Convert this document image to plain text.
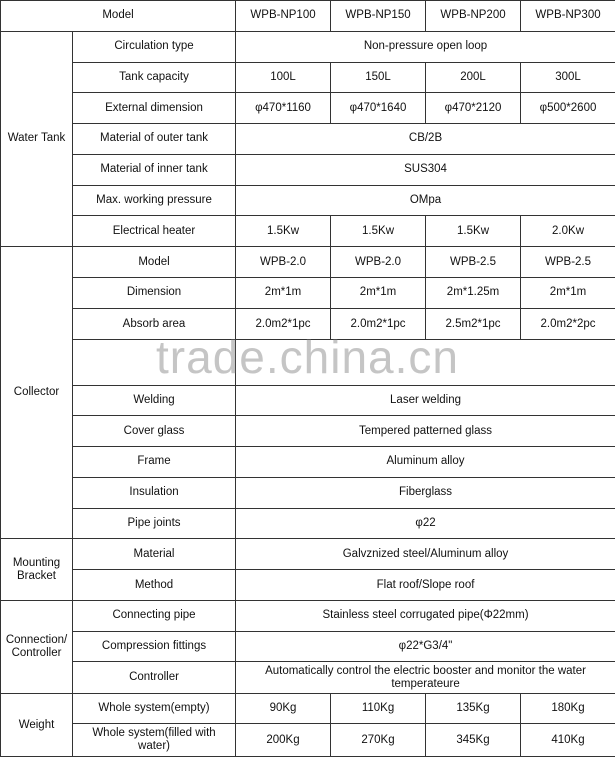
Model		WPB-NP100	WPB-NP150	WPB-NP200	WPB-NP300
Water Tank	Circulation type	Non-pressure open loop			
	Tank capacity	100L	150L	200L	300L
	External dimension	φ470*1160	φ470*1640	φ470*2120	φ500*2600
	Material of outer tank	CB/2B			
	Material of inner tank	SUS304			
	Max. working pressure	OMpa			
	Electrical heater	1.5Kw	1.5Kw	1.5Kw	2.0Kw
Collector	Model	WPB-2.0	WPB-2.0	WPB-2.5	WPB-2.5
	Dimension	2m*1m	2m*1m	2m*1.25m	2m*1m
	Absorb area	2.0m2*1pc	2.0m2*1pc	2.5m2*1pc	2.0m2*2pc

	Welding	Laser welding			
	Cover glass	Tempered patterned glass			
	Frame	Aluminum alloy			
	Insulation	Fiberglass			
	Pipe joints	φ22			
Mounting Bracket	Material	Galvznized steel/Aluminum alloy			
	Method	Flat roof/Slope roof			
Connection/ Controller	Connecting pipe	Stainless steel corrugated pipe(Φ22mm)			
	Compression fittings	φ22*G3/4"			
	Controller	Automatically control the electric booster and monitor the water temperateure			
Weight	Whole system(empty)	90Kg	110Kg	135Kg	180Kg
	Whole system(filled with water)	200Kg	270Kg	345Kg	410Kg
trade.china.cn
